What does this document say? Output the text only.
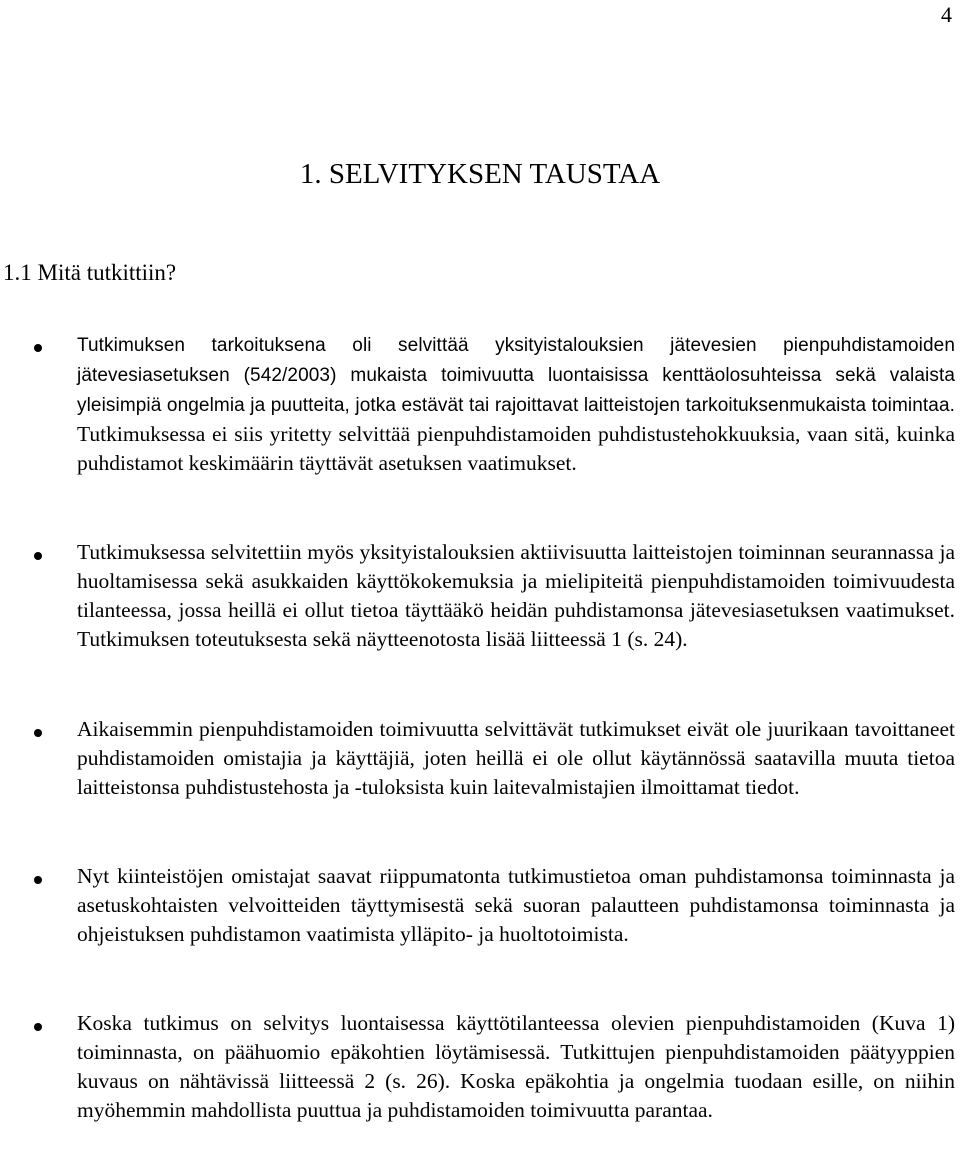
4
1. SELVITYKSEN TAUSTAA
1.1 Mitä tutkittiin?

Tutkimuksen tarkoituksena oli selvittää yksityistalouksien jätevesien pienpuhdistamoiden jätevesiasetuksen (542/2003) mukaista toimivuutta luontaisissa kenttäolosuhteissa sekä valaista yleisimpiä ongelmia ja puutteita, jotka estävät tai rajoittavat laitteistojen tarkoituksenmukaista toimintaa. Tutkimuksessa ei siis yritetty selvittää pienpuhdistamoiden puhdistustehokkuuksia, vaan sitä, kuinka puhdistamot keskimäärin täyttävät asetuksen vaatimukset.

Tutkimuksessa selvitettiin myös yksityistalouksien aktiivisuutta laitteistojen toiminnan seurannassa ja huoltamisessa sekä asukkaiden käyttökokemuksia ja mielipiteitä pienpuhdistamoiden toimivuudesta tilanteessa, jossa heillä ei ollut tietoa täyttääkö heidän puhdistamonsa jätevesiasetuksen vaatimukset. Tutkimuksen toteutuksesta sekä näytteenotosta lisää liitteessä 1 (s. 24).

Aikaisemmin pienpuhdistamoiden toimivuutta selvittävät tutkimukset eivät ole juurikaan tavoittaneet puhdistamoiden omistajia ja käyttäjiä, joten heillä ei ole ollut käytännössä saatavilla muuta tietoa laitteistonsa puhdistustehosta ja -tuloksista kuin laitevalmistajien ilmoittamat tiedot.

Nyt kiinteistöjen omistajat saavat riippumatonta tutkimustietoa oman puhdistamonsa toiminnasta ja asetuskohtaisten velvoitteiden täyttymisestä sekä suoran palautteen puhdistamonsa toiminnasta ja ohjeistuksen puhdistamon vaatimista ylläpito- ja huoltotoimista.

Koska tutkimus on selvitys luontaisessa käyttötilanteessa olevien pienpuhdistamoiden (Kuva 1) toiminnasta, on päähuomio epäkohtien löytämisessä. Tutkittujen pienpuhdistamoiden päätyyppien kuvaus on nähtävissä liitteessä 2 (s. 26). Koska epäkohtia ja ongelmia tuodaan esille, on niihin myöhemmin mahdollista puuttua ja puhdistamoiden toimivuutta parantaa.
